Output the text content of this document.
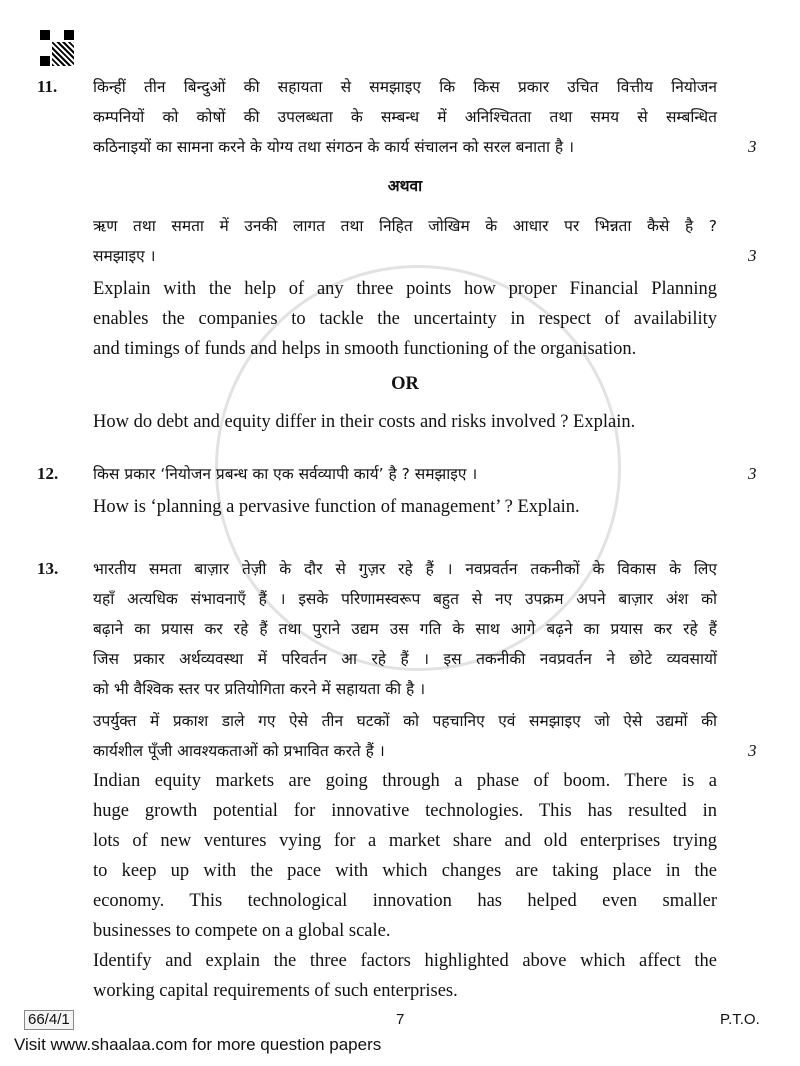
11.	किन्हीं तीन बिन्दुओं की सहायता से समझाइए कि किस प्रकार उचित वित्तीय नियोजन
कम्पनियों को कोषों की उपलब्धता के सम्बन्ध में अनिश्चितता तथा समय से सम्बन्धित
कठिनाइयों का सामना करने के योग्य तथा संगठन के कार्य संचालन को सरल बनाता है ।	3
अथवा
ऋण तथा समता में उनकी लागत तथा निहित जोखिम के आधार पर भिन्नता कैसे है ?
समझाइए ।	3
Explain with the help of any three points how proper Financial Planning
enables the companies to tackle the uncertainty in respect of availability
and timings of funds and helps in smooth functioning of the organisation.
OR
How do debt and equity differ in their costs and risks involved ? Explain.
12.	किस प्रकार ‘नियोजन प्रबन्ध का एक सर्वव्यापी कार्य’ है ? समझाइए ।	3
How is ‘planning a pervasive function of management’ ? Explain.
13.	भारतीय समता बाज़ार तेज़ी के दौर से गुज़र रहे हैं । नवप्रवर्तन तकनीकों के विकास के लिए
यहाँ अत्यधिक संभावनाएँ हैं । इसके परिणामस्वरूप बहुत से नए उपक्रम अपने बाज़ार अंश को
बढ़ाने का प्रयास कर रहे हैं तथा पुराने उद्यम उस गति के साथ आगे बढ़ने का प्रयास कर रहे हैं
जिस प्रकार अर्थव्यवस्था में परिवर्तन आ रहे हैं । इस तकनीकी नवप्रवर्तन ने छोटे व्यवसायों
को भी वैश्विक स्तर पर प्रतियोगिता करने में सहायता की है ।
उपर्युक्त में प्रकाश डाले गए ऐसे तीन घटकों को पहचानिए एवं समझाइए जो ऐसे उद्यमों की
कार्यशील पूँजी आवश्यकताओं को प्रभावित करते हैं ।	3
Indian equity markets are going through a phase of boom. There is a
huge growth potential for innovative technologies. This has resulted in
lots of new ventures vying for a market share and old enterprises trying
to keep up with the pace with which changes are taking place in the
economy. This technological innovation has helped even smaller
businesses to compete on a global scale.
Identify and explain the three factors highlighted above which affect the
working capital requirements of such enterprises.
66/4/1	7	P.T.O.
Visit www.shaalaa.com for more question papers
